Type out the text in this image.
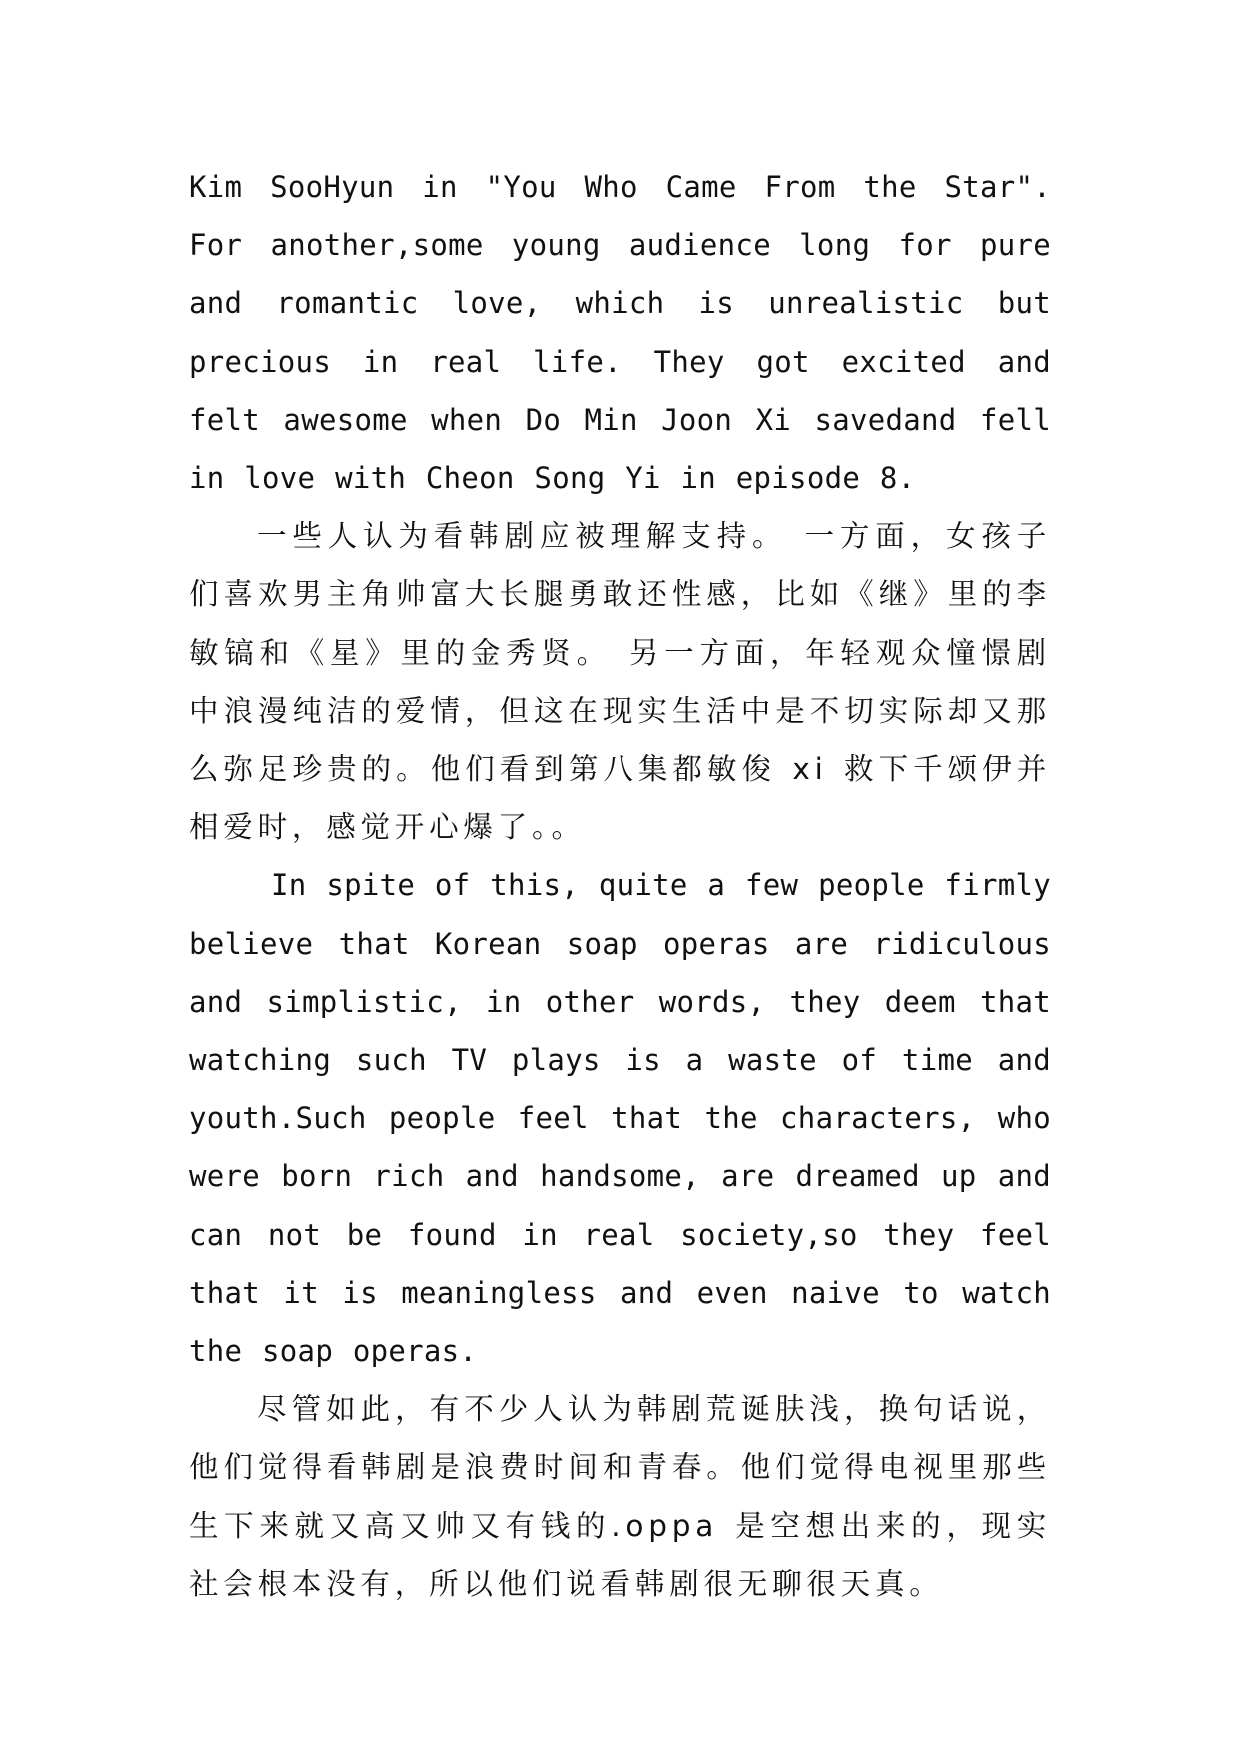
Kim SooHyun in "You Who Came From the Star". For another,some young audience long for pure and romantic love, which is unrealistic but precious in real life. They got excited and felt awesome when Do Min Joon Xi savedand fell in love with Cheon Song Yi in episode 8.

一些人认为看韩剧应被理解支持。 一方面，女孩子们喜欢男主角帅富大长腿勇敢还性感，比如《继》里的李敏镐和《星》里的金秀贤。 另一方面，年轻观众憧憬剧中浪漫纯洁的爱情，但这在现实生活中是不切实际却又那么弥足珍贵的。他们看到第八集都敏俊 xi 救下千颂伊并相爱时，感觉开心爆了。。

In spite of this, quite a few people firmly believe that Korean soap operas are ridiculous and simplistic, in other words, they deem that watching such TV plays is a waste of time and youth.Such people feel that the characters, who were born rich and handsome, are dreamed up and can not be found in real society,so they feel that it is meaningless and even naive to watch the soap operas.

尽管如此，有不少人认为韩剧荒诞肤浅，换句话说，他们觉得看韩剧是浪费时间和青春。他们觉得电视里那些生下来就又高又帅又有钱的.oppa 是空想出来的，现实社会根本没有，所以他们说看韩剧很无聊很天真。
